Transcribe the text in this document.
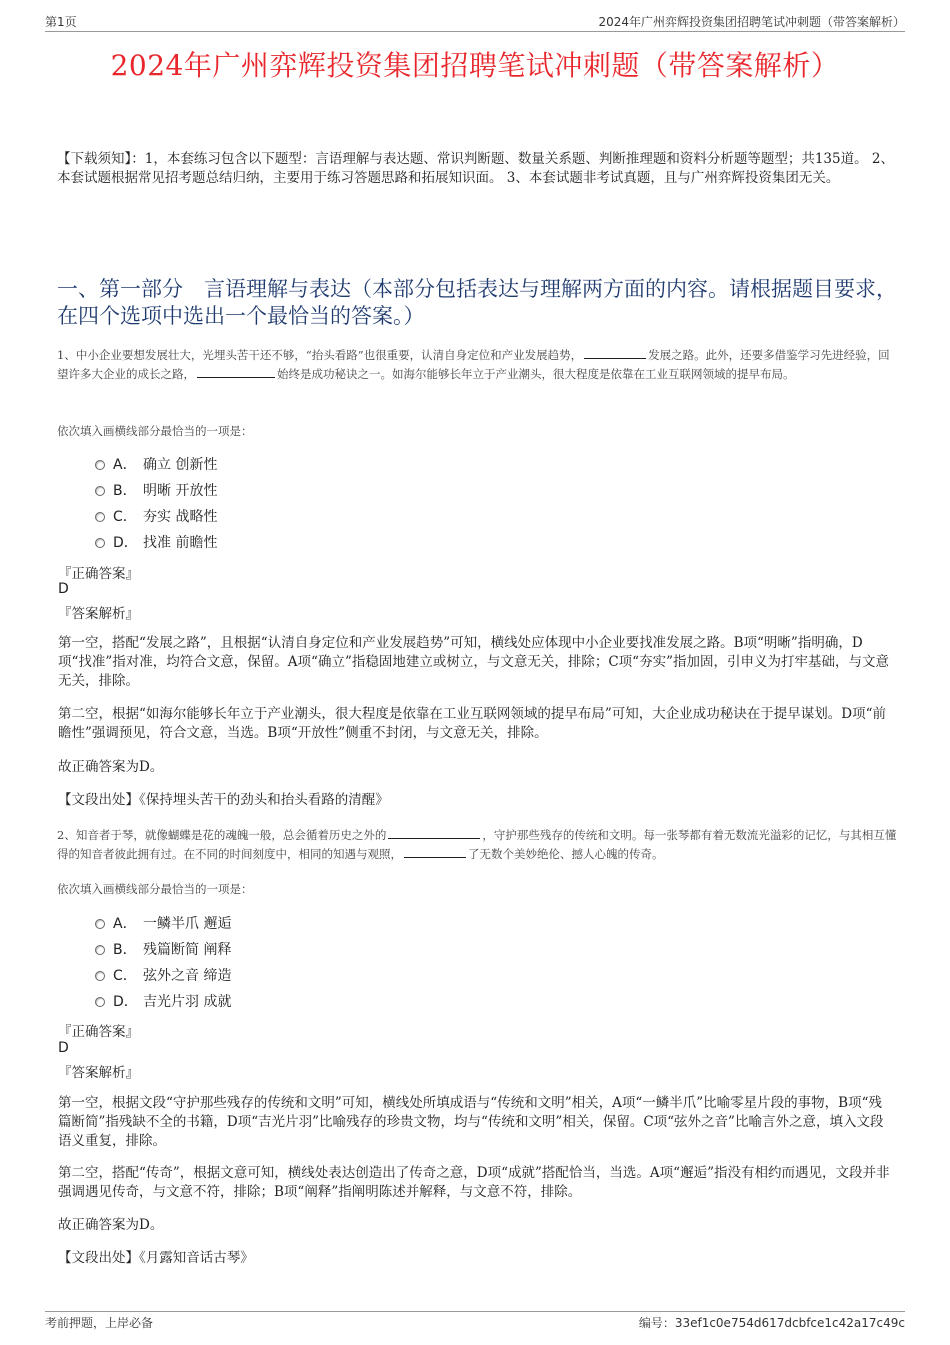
第1页	2024年广州弈辉投资集团招聘笔试冲刺题（带答案解析）
2024年广州弈辉投资集团招聘笔试冲刺题（带答案解析）
【下载须知】：1，本套练习包含以下题型：言语理解与表达题、常识判断题、数量关系题、判断推理题和资料分析题等题型；共135道。 2、本套试题根据常见招考题总结归纳，主要用于练习答题思路和拓展知识面。 3、本套试题非考试真题，且与广州弈辉投资集团无关。
一、第一部分　言语理解与表达（本部分包括表达与理解两方面的内容。请根据题目要求，在四个选项中选出一个最恰当的答案。）
1、中小企业要想发展壮大，光埋头苦干还不够，“抬头看路”也很重要，认清自身定位和产业发展趋势，	发展之路。此外，还要多借鉴学习先进经验，回望许多大企业的成长之路，	始终是成功秘诀之一。如海尔能够长年立于产业潮头，很大程度是依靠在工业互联网领域的提早布局。
依次填入画横线部分最恰当的一项是：
A． 确立 创新性
B． 明晰 开放性
C． 夯实 战略性
D． 找准 前瞻性
『正确答案』
D
『答案解析』
第一空，搭配“发展之路”，且根据“认清自身定位和产业发展趋势”可知，横线处应体现中小企业要找准发展之路。B项“明晰”指明确，D项“找准”指对准，均符合文意，保留。A项“确立”指稳固地建立或树立，与文意无关，排除；C项“夯实”指加固，引申义为打牢基础，与文意无关，排除。
第二空，根据“如海尔能够长年立于产业潮头，很大程度是依靠在工业互联网领域的提早布局”可知，大企业成功秘诀在于提早谋划。D项“前瞻性”强调预见，符合文意，当选。B项“开放性”侧重不封闭，与文意无关，排除。
故正确答案为D。
【文段出处】《保持埋头苦干的劲头和抬头看路的清醒》
2、知音者于琴，就像蝴蝶是花的魂魄一般，总会循着历史之外的	，守护那些残存的传统和文明。每一张琴都有着无数流光溢彩的记忆，与其相互懂得的知音者彼此拥有过。在不同的时间刻度中，相同的知遇与观照，	了无数个美妙绝伦、撼人心魄的传奇。
依次填入画横线部分最恰当的一项是：
A． 一鳞半爪 邂逅
B． 残篇断简 阐释
C． 弦外之音 缔造
D． 吉光片羽 成就
『正确答案』
D
『答案解析』
第一空，根据文段“守护那些残存的传统和文明”可知，横线处所填成语与“传统和文明”相关，A项“一鳞半爪”比喻零星片段的事物，B项“残篇断简”指残缺不全的书籍，D项“吉光片羽”比喻残存的珍贵文物，均与“传统和文明”相关，保留。C项“弦外之音”比喻言外之意，填入文段语义重复，排除。
第二空，搭配“传奇”，根据文意可知，横线处表达创造出了传奇之意，D项“成就”搭配恰当，当选。A项“邂逅”指没有相约而遇见，文段并非强调遇见传奇，与文意不符，排除；B项“阐释”指阐明陈述并解释，与文意不符，排除。
故正确答案为D。
【文段出处】《月露知音话古琴》
考前押题，上岸必备	编号：33ef1c0e754d617dcbfce1c42a17c49c
